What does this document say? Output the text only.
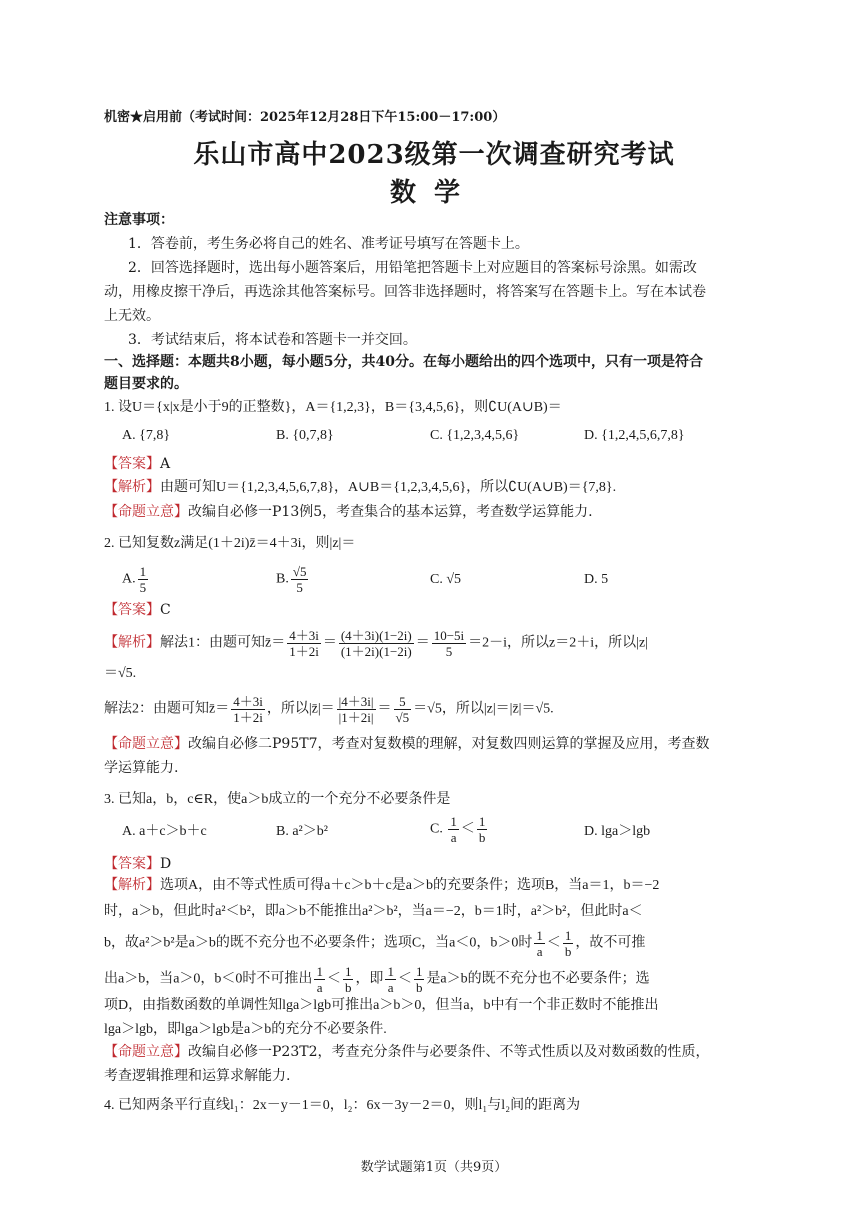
机密★启用前（考试时间：2025年12月28日下午15:00－17:00）
乐山市高中2023级第一次调查研究考试
数学
注意事项：
1．答卷前，考生务必将自己的姓名、准考证号填写在答题卡上。
2．回答选择题时，选出每小题答案后，用铅笔把答题卡上对应题目的答案标号涂黑。如需改
动，用橡皮擦干净后，再选涂其他答案标号。回答非选择题时，将答案写在答题卡上。写在本试卷
上无效。
3．考试结束后，将本试卷和答题卡一并交回。
一、选择题：本题共8小题，每小题5分，共40分。在每小题给出的四个选项中，只有一项是符合
题目要求的。
1. 设U＝{x|x是小于9的正整数}，A＝{1,2,3}，B＝{3,4,5,6}，则∁U(A∪B)＝
A. {7,8}	B. {0,7,8}	C. {1,2,3,4,5,6}	D. {1,2,4,5,6,7,8}
【答案】A
【解析】由题可知U＝{1,2,3,4,5,6,7,8}，A∪B＝{1,2,3,4,5,6}，所以∁U(A∪B)＝{7,8}.
【命题立意】改编自必修一P13例5，考查集合的基本运算，考查数学运算能力.
2. 已知复数z满足(1＋2i)z̄＝4＋3i，则|z|＝
A. $\frac{1}{5}$	B. $\frac{√5}{5}$	C. √5	D. 5
【答案】C
【解析】解法1：由题可知z̄＝ $\frac{4+3i}{1+2i} = \frac{(4+3i)(1-2i)}{(1+2i)(1-2i)} = \frac{10-5i}{5} =2-i$，所以z＝2＋i，所以|z|
＝√5.
解法2：由题可知z̄＝ $\frac{4+3i}{1+2i}$ ，所以|z̄|＝ $\frac{|4+3i|}{|1+2i|} = \frac{5}{√5} =√5$，所以|z|＝|z̄|＝√5.
【命题立意】改编自必修二P95T7，考查对复数模的理解，对复数四则运算的掌握及应用，考查数
学运算能力.
3. 已知a，b，c∈R，使a＞b成立的一个充分不必要条件是
A. a＋c＞b＋c	B. a²＞b²	C. $\frac{1}{a} < \frac{1}{b}$	D. lga＞lgb
【答案】D
【解析】选项A，由不等式性质可得a＋c＞b＋c是a＞b的充要条件；选项B，当a＝1，b＝−2
时，a＞b，但此时a²＜b²，即a＞b不能推出a²＞b²，当a＝−2，b＝1时，a²＞b²，但此时a＜
b，故a²＞b²是a＞b的既不充分也不必要条件；选项C，当a＜0，b＞0时 $\frac{1}{a} < \frac{1}{b}$ ，故不可推
出a＞b，当a＞0，b＜0时不可推出 $\frac{1}{a} < \frac{1}{b}$ ，即 $\frac{1}{a} < \frac{1}{b}$ 是a＞b的既不充分也不必要条件；选
项D，由指数函数的单调性知lga＞lgb可推出a＞b＞0，但当a，b中有一个非正数时不能推出
lga＞lgb，即lga＞lgb是a＞b的充分不必要条件.
【命题立意】改编自必修一P23T2，考查充分条件与必要条件、不等式性质以及对数函数的性质，
考查逻辑推理和运算求解能力.
4. 已知两条平行直线l₁：2x－y－1＝0，l₂：6x－3y－2＝0，则l₁与l₂间的距离为
数学试题第1页（共9页）
